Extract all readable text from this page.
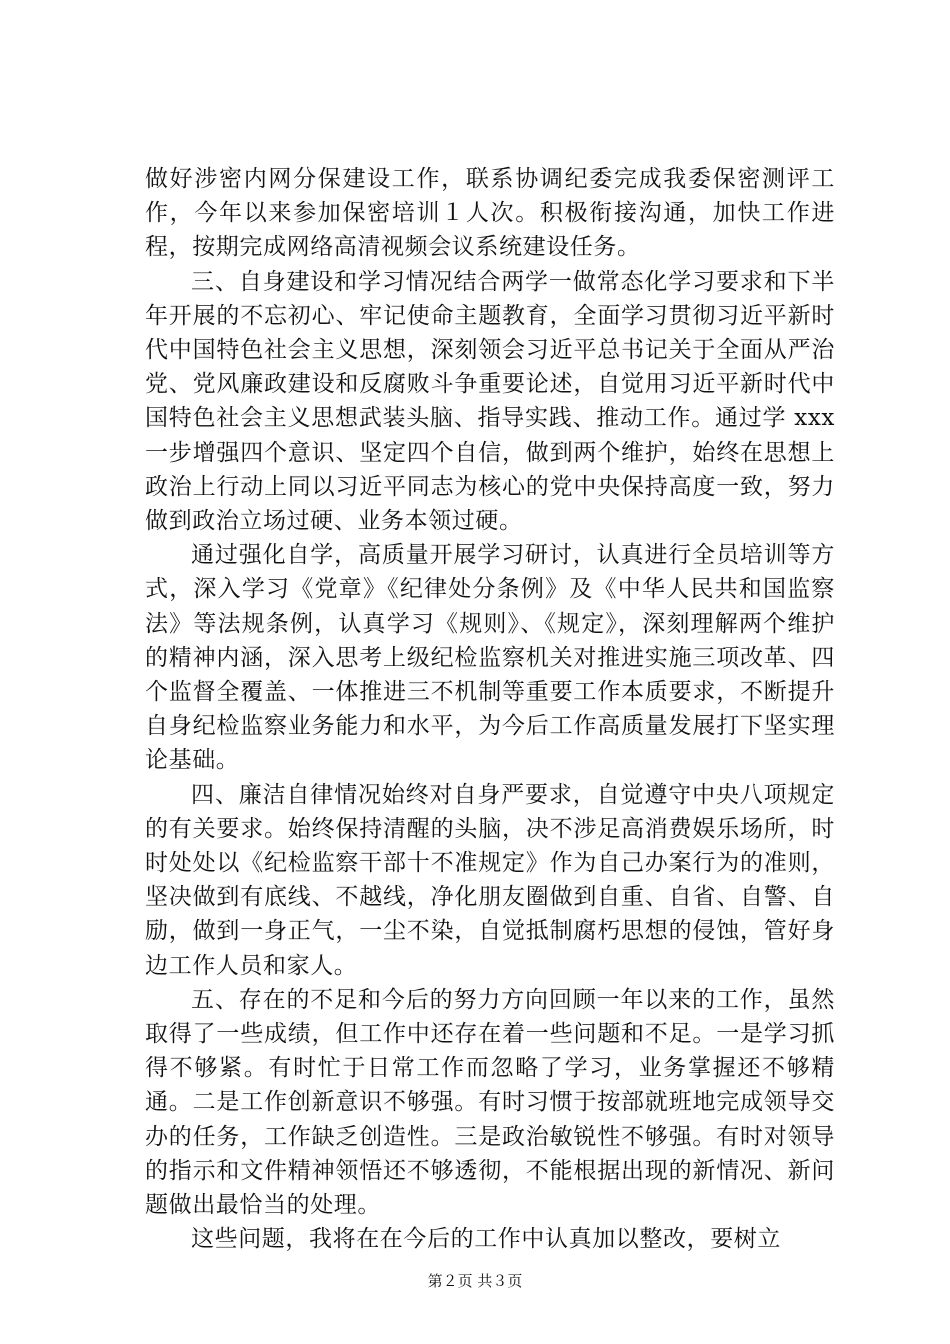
做好涉密内网分保建设工作，联系协调纪委完成我委保密测评工作，今年以来参加保密培训１人次。积极衔接沟通，加快工作进程，按期完成网络高清视频会议系统建设任务。

三、自身建设和学习情况结合两学一做常态化学习要求和下半年开展的不忘初心、牢记使命主题教育，全面学习贯彻习近平新时代中国特色社会主义思想，深刻领会习近平总书记关于全面从严治党、党风廉政建设和反腐败斗争重要论述，自觉用习近平新时代中国特色社会主义思想武装头脑、指导实践、推动工作。通过学 xxx 一步增强四个意识、坚定四个自信，做到两个维护，始终在思想上政治上行动上同以习近平同志为核心的党中央保持高度一致，努力做到政治立场过硬、业务本领过硬。

通过强化自学，高质量开展学习研讨，认真进行全员培训等方式，深入学习《党章》《纪律处分条例》及《中华人民共和国监察法》等法规条例，认真学习《规则》、《规定》，深刻理解两个维护的精神内涵，深入思考上级纪检监察机关对推进实施三项改革、四个监督全覆盖、一体推进三不机制等重要工作本质要求，不断提升自身纪检监察业务能力和水平，为今后工作高质量发展打下坚实理论基础。

四、廉洁自律情况始终对自身严要求，自觉遵守中央八项规定的有关要求。始终保持清醒的头脑，决不涉足高消费娱乐场所，时时处处以《纪检监察干部十不准规定》作为自己办案行为的准则，坚决做到有底线、不越线，净化朋友圈做到自重、自省、自警、自励，做到一身正气，一尘不染，自觉抵制腐朽思想的侵蚀，管好身边工作人员和家人。

五、存在的不足和今后的努力方向回顾一年以来的工作，虽然取得了一些成绩，但工作中还存在着一些问题和不足。一是学习抓得不够紧。有时忙于日常工作而忽略了学习，业务掌握还不够精通。二是工作创新意识不够强。有时习惯于按部就班地完成领导交办的任务，工作缺乏创造性。三是政治敏锐性不够强。有时对领导的指示和文件精神领悟还不够透彻，不能根据出现的新情况、新问题做出最恰当的处理。

这些问题，我将在在今后的工作中认真加以整改，要树立

第２页 共３页
